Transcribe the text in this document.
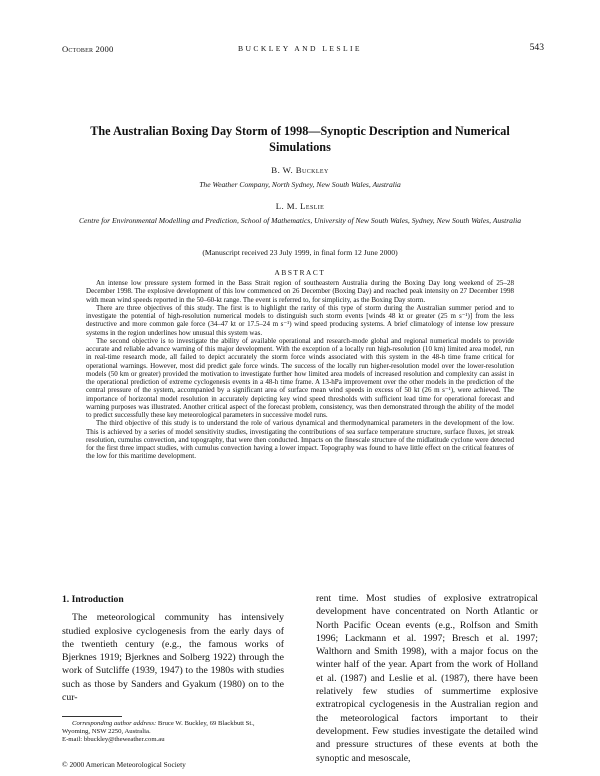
October 2000	BUCKLEY AND LESLIE	543
The Australian Boxing Day Storm of 1998—Synoptic Description and Numerical Simulations
B. W. Buckley
The Weather Company, North Sydney, New South Wales, Australia
L. M. Leslie
Centre for Environmental Modelling and Prediction, School of Mathematics, University of New South Wales, Sydney, New South Wales, Australia
(Manuscript received 23 July 1999, in final form 12 June 2000)
ABSTRACT

An intense low pressure system formed in the Bass Strait region of southeastern Australia during the Boxing Day long weekend of 25–28 December 1998. The explosive development of this low commenced on 26 December (Boxing Day) and reached peak intensity on 27 December 1998 with mean wind speeds reported in the 50–60-kt range. The event is referred to, for simplicity, as the Boxing Day storm.

There are three objectives of this study. The first is to highlight the rarity of this type of storm during the Australian summer period and to investigate the potential of high-resolution numerical models to distinguish such storm events [winds 48 kt or greater (25 m s⁻¹)] from the less destructive and more common gale force (34–47 kt or 17.5–24 m s⁻¹) wind speed producing systems. A brief climatology of intense low pressure systems in the region underlines how unusual this system was.

The second objective is to investigate the ability of available operational and research-mode global and regional numerical models to provide accurate and reliable advance warning of this major development. With the exception of a locally run high-resolution (10 km) limited area model, run in real-time research mode, all failed to depict accurately the storm force winds associated with this system in the 48-h time frame critical for operational warnings. However, most did predict gale force winds. The success of the locally run higher-resolution model over the lower-resolution models (50 km or greater) provided the motivation to investigate further how limited area models of increased resolution and complexity can assist in the operational prediction of extreme cyclogenesis events in a 48-h time frame. A 13-hPa improvement over the other models in the prediction of the central pressure of the system, accompanied by a significant area of surface mean wind speeds in excess of 50 kt (26 m s⁻¹), were achieved. The importance of horizontal model resolution in accurately depicting key wind speed thresholds with sufficient lead time for operational forecast and warning purposes was illustrated. Another critical aspect of the forecast problem, consistency, was then demonstrated through the ability of the model to predict successfully these key meteorological parameters in successive model runs.

The third objective of this study is to understand the role of various dynamical and thermodynamical parameters in the development of the low. This is achieved by a series of model sensitivity studies, investigating the contributions of sea surface temperature structure, surface fluxes, jet streak resolution, cumulus convection, and topography, that were then conducted. Impacts on the finescale structure of the midlatitude cyclone were detected for the first three impact studies, with cumulus convection having a lower impact. Topography was found to have little effect on the critical features of the low for this maritime development.

1. Introduction

The meteorological community has intensively studied explosive cyclogenesis from the early days of the twentieth century (e.g., the famous works of Bjerknes 1919; Bjerknes and Solberg 1922) through the work of Sutcliffe (1939, 1947) to the 1980s with studies such as those by Sanders and Gyakum (1980) on to the cur-

rent time. Most studies of explosive extratropical development have concentrated on North Atlantic or North Pacific Ocean events (e.g., Rolfson and Smith 1996; Lackmann et al. 1997; Bresch et al. 1997; Walthorn and Smith 1998), with a major focus on the winter half of the year. Apart from the work of Holland et al. (1987) and Leslie et al. (1987), there have been relatively few studies of summertime explosive extratropical cyclogenesis in the Australian region and the meteorological factors important to their development. Few studies investigate the detailed wind and pressure structures of these events at both the synoptic and mesoscale,

Corresponding author address: Bruce W. Buckley, 69 Blackbutt St., Wyoming, NSW 2250, Australia.
E-mail: bbuckley@theweather.com.au
© 2000 American Meteorological Society
